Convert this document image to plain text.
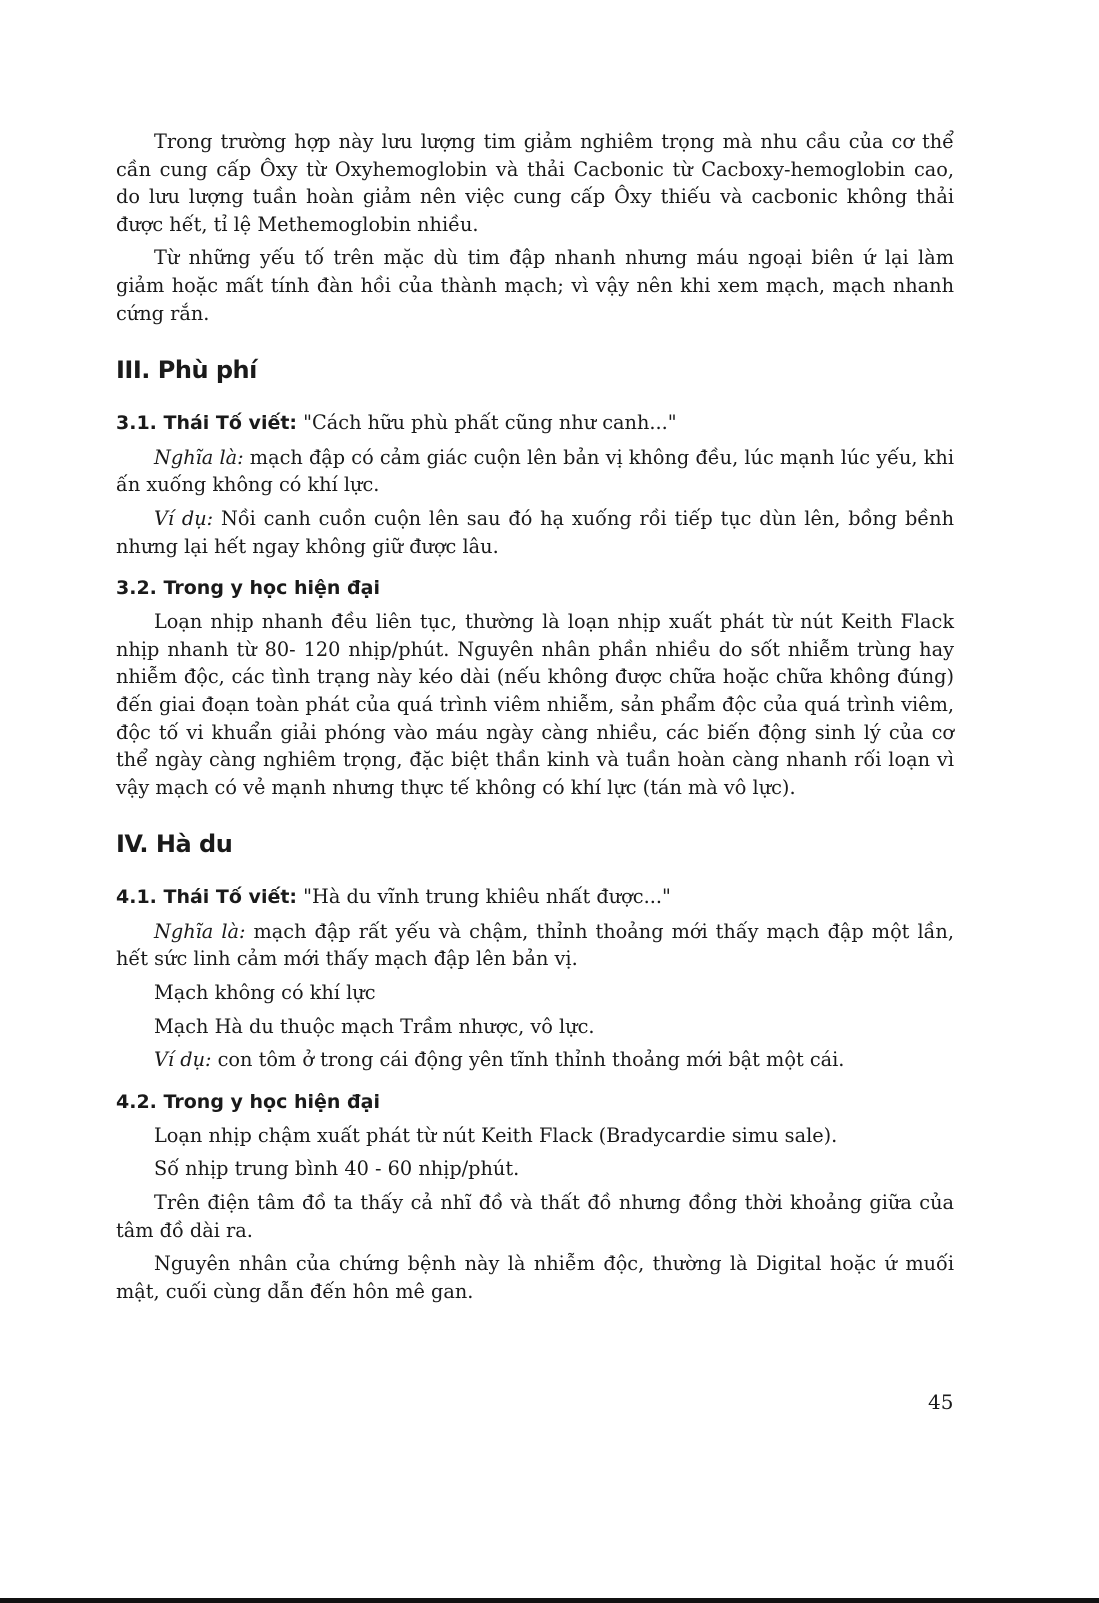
Trong trường hợp này lưu lượng tim giảm nghiêm trọng mà nhu cầu của cơ thể cần cung cấp Ôxy từ Oxyhemoglobin và thải Cacbonic từ Cacboxy-hemoglobin cao, do lưu lượng tuần hoàn giảm nên việc cung cấp Ôxy thiếu và cacbonic không thải được hết, tỉ lệ Methemoglobin nhiều.

Từ những yếu tố trên mặc dù tim đập nhanh nhưng máu ngoại biên ứ lại làm giảm hoặc mất tính đàn hồi của thành mạch; vì vậy nên khi xem mạch, mạch nhanh cứng rắn.

III. Phù phí

3.1. Thái Tố viết: "Cách hữu phù phất cũng như canh..."

Nghĩa là: mạch đập có cảm giác cuộn lên bản vị không đều, lúc mạnh lúc yếu, khi ấn xuống không có khí lực.

Ví dụ: Nồi canh cuồn cuộn lên sau đó hạ xuống rồi tiếp tục dùn lên, bồng bềnh nhưng lại hết ngay không giữ được lâu.

3.2. Trong y học hiện đại

Loạn nhịp nhanh đều liên tục, thường là loạn nhịp xuất phát từ nút Keith Flack nhịp nhanh từ 80- 120 nhịp/phút. Nguyên nhân phần nhiều do sốt nhiễm trùng hay nhiễm độc, các tình trạng này kéo dài (nếu không được chữa hoặc chữa không đúng) đến giai đoạn toàn phát của quá trình viêm nhiễm, sản phẩm độc của quá trình viêm, độc tố vi khuẩn giải phóng vào máu ngày càng nhiều, các biến động sinh lý của cơ thể ngày càng nghiêm trọng, đặc biệt thần kinh và tuần hoàn càng nhanh rối loạn vì vậy mạch có vẻ mạnh nhưng thực tế không có khí lực (tán mà vô lực).

IV. Hà du

4.1. Thái Tố viết: "Hà du vĩnh trung khiêu nhất được..."

Nghĩa là: mạch đập rất yếu và chậm, thỉnh thoảng mới thấy mạch đập một lần, hết sức linh cảm mới thấy mạch đập lên bản vị.

Mạch không có khí lực

Mạch Hà du thuộc mạch Trầm nhược, vô lực.

Ví dụ: con tôm ở trong cái động yên tĩnh thỉnh thoảng mới bật một cái.

4.2. Trong y học hiện đại

Loạn nhịp chậm xuất phát từ nút Keith Flack (Bradycardie simu sale).

Số nhịp trung bình 40 - 60 nhịp/phút.

Trên điện tâm đồ ta thấy cả nhĩ đồ và thất đồ nhưng đồng thời khoảng giữa của tâm đồ dài ra.

Nguyên nhân của chứng bệnh này là nhiễm độc, thường là Digital hoặc ứ muối mật, cuối cùng dẫn đến hôn mê gan.

45
